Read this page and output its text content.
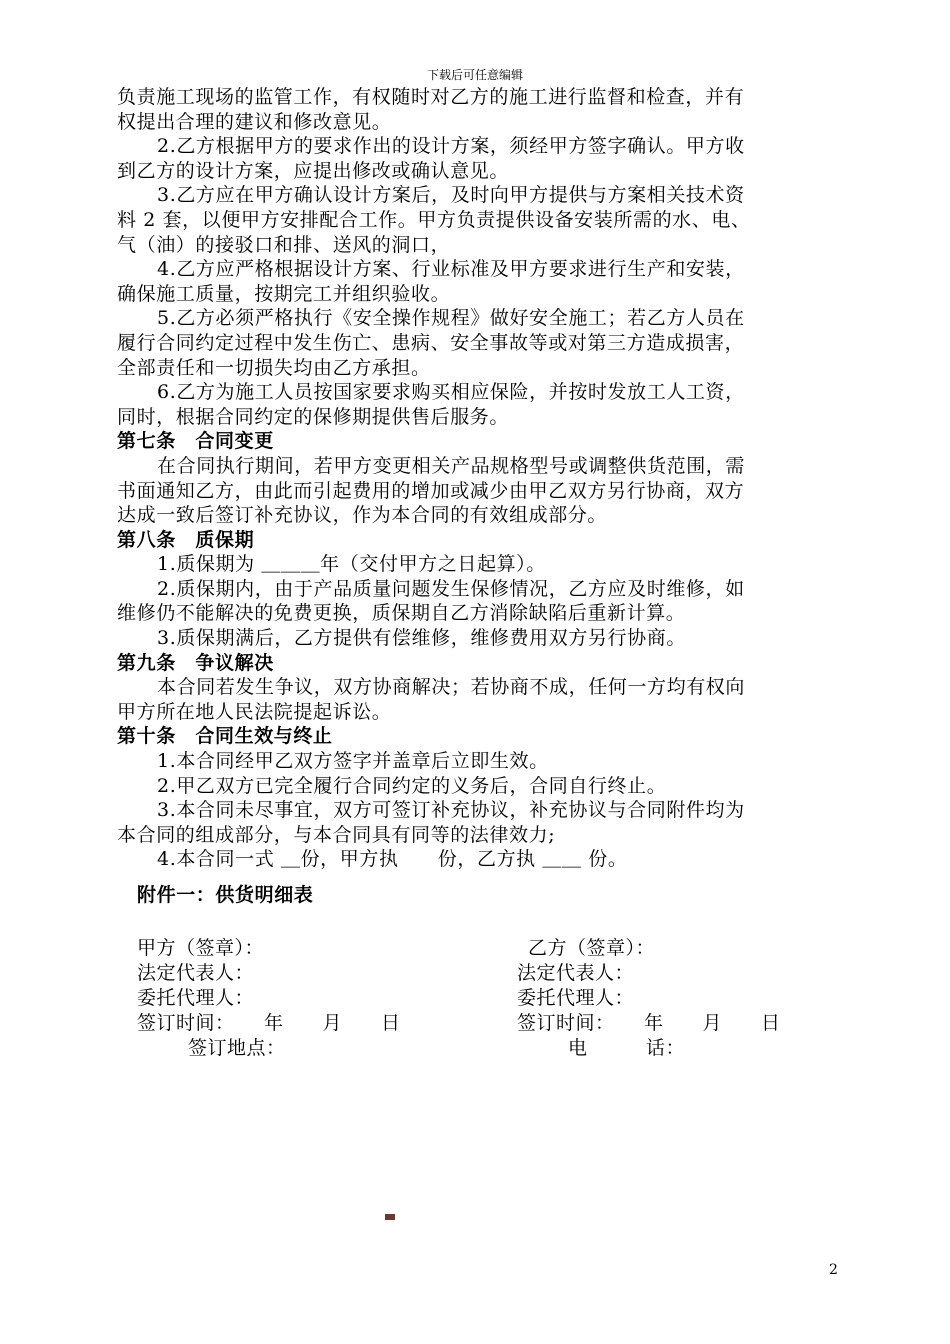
下载后可任意编辑

负责施工现场的监管工作，有权随时对乙方的施工进行监督和检查，并有

权提出合理的建议和修改意见。

2.乙方根据甲方的要求作出的设计方案，须经甲方签字确认。甲方收

到乙方的设计方案，应提出修改或确认意见。

3.乙方应在甲方确认设计方案后，及时向甲方提供与方案相关技术资

料 2 套，以便甲方安排配合工作。甲方负责提供设备安装所需的水、电、

气（油）的接驳口和排、送风的洞口，

4.乙方应严格根据设计方案、行业标准及甲方要求进行生产和安装，

确保施工质量，按期完工并组织验收。

5.乙方必须严格执行《安全操作规程》做好安全施工；若乙方人员在

履行合同约定过程中发生伤亡、患病、安全事故等或对第三方造成损害，

全部责任和一切损失均由乙方承担。

6.乙方为施工人员按国家要求购买相应保险，并按时发放工人工资，

同时，根据合同约定的保修期提供售后服务。

第七条　合同变更

在合同执行期间，若甲方变更相关产品规格型号或调整供货范围，需

书面通知乙方，由此而引起费用的增加或减少由甲乙双方另行协商，双方

达成一致后签订补充协议，作为本合同的有效组成部分。

第八条　质保期

1.质保期为 ＿＿＿年（交付甲方之日起算）。

2.质保期内，由于产品质量问题发生保修情况，乙方应及时维修，如

维修仍不能解决的免费更换，质保期自乙方消除缺陷后重新计算。

3.质保期满后，乙方提供有偿维修，维修费用双方另行协商。

第九条　争议解决

本合同若发生争议，双方协商解决；若协商不成，任何一方均有权向

甲方所在地人民法院提起诉讼。

第十条　合同生效与终止

1.本合同经甲乙双方签字并盖章后立即生效。

2.甲乙双方已完全履行合同约定的义务后，合同自行终止。

3.本合同未尽事宜，双方可签订补充协议，补充协议与合同附件均为

本合同的组成部分，与本合同具有同等的法律效力;

4.本合同一式 ＿份，甲方执　　份，乙方执 ＿＿ 份。

附件一：供货明细表
甲方（签章）：	乙方（签章）：
法定代表人：	法定代表人：
委托代理人：	委托代理人：
签订时间：　　年　　月　　日	签订时间：　　年　　月　　日
签订地点：	电　　　话：
2
